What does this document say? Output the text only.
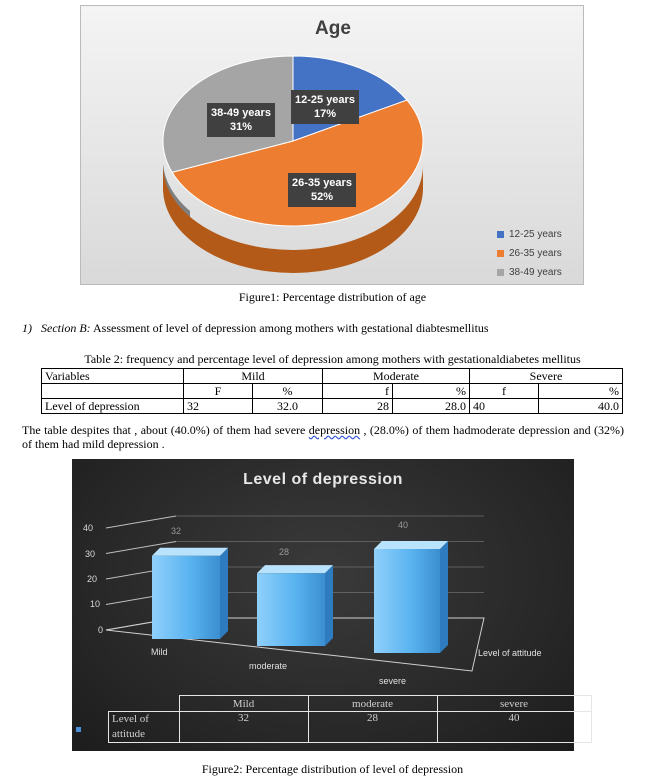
Age
12-25 years
17%
38-49 years
31%
26-35 years
52%
12-25 years
26-35 years
38-49 years
Figure1: Percentage distribution of age
1) Section B: Assessment of level of depression among mothers with gestational diabtesmellitus
Table 2: frequency and percentage level of depression among mothers with gestationaldiabetes mellitus
Variables	Mild		Moderate		Severe	
	F	%	f	%	f	%
Level of depression	32	32.0	28	28.0	40	40.0
The table despites that , about (40.0%) of them had severe depression , (28.0%) of them hadmoderate depression and (32%) of them had mild depression .
Level of depression
40
30
20
10
0
32
28
40
Mild
moderate
severe
Level of attitude
	Mild	moderate	severe

Level of
attitude	32	28	40
Figure2: Percentage distribution of level of depression
